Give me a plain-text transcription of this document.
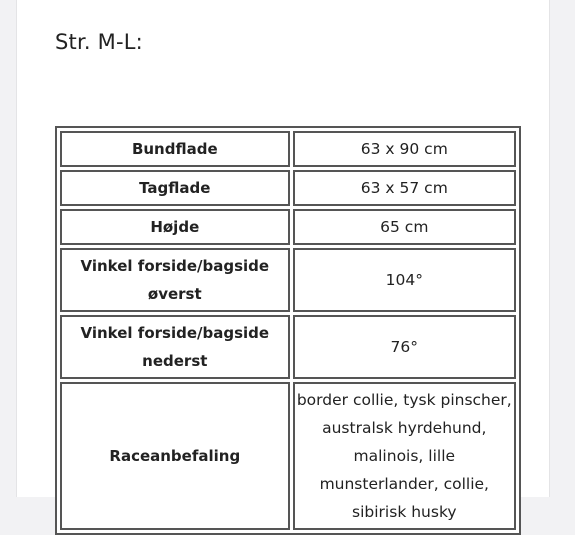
Str. M-L:
Bundflade	63 x 90 cm
Tagflade	63 x 57 cm
Højde	65 cm
Vinkel forside/bagside øverst	104°
Vinkel forside/bagside nederst	76°
Raceanbefaling	border collie, tysk pinscher, australsk hyrdehund, malinois, lille munsterlander, collie, sibirisk husky
